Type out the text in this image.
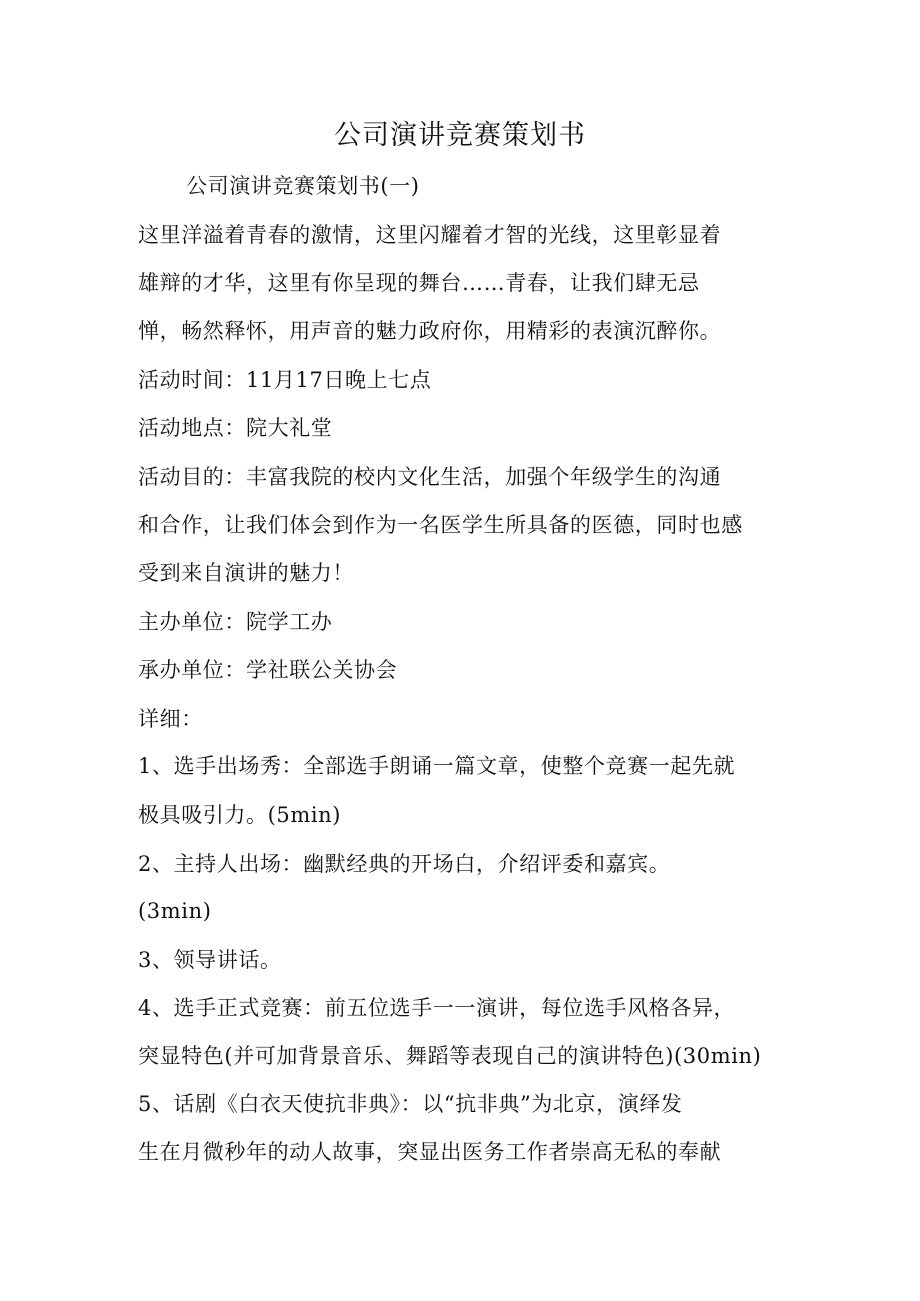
公司演讲竞赛策划书
公司演讲竞赛策划书(一)
这里洋溢着青春的激情，这里闪耀着才智的光线，这里彰显着
雄辩的才华，这里有你呈现的舞台……青春，让我们肆无忌
惮，畅然释怀，用声音的魅力政府你，用精彩的表演沉醉你。
活动时间：11月17日晚上七点
活动地点：院大礼堂
活动目的：丰富我院的校内文化生活，加强个年级学生的沟通
和合作，让我们体会到作为一名医学生所具备的医德，同时也感
受到来自演讲的魅力！
主办单位：院学工办
承办单位：学社联公关协会
详细：
1、选手出场秀：全部选手朗诵一篇文章，使整个竞赛一起先就
极具吸引力。(5min)
2、主持人出场：幽默经典的开场白，介绍评委和嘉宾。
(3min)
3、领导讲话。
4、选手正式竞赛：前五位选手一一演讲，每位选手风格各异，
突显特色(并可加背景音乐、舞蹈等表现自己的演讲特色)(30min)
5、话剧《白衣天使抗非典》：以“抗非典”为北京，演绎发
生在月微秒年的动人故事，突显出医务工作者崇高无私的奉献
